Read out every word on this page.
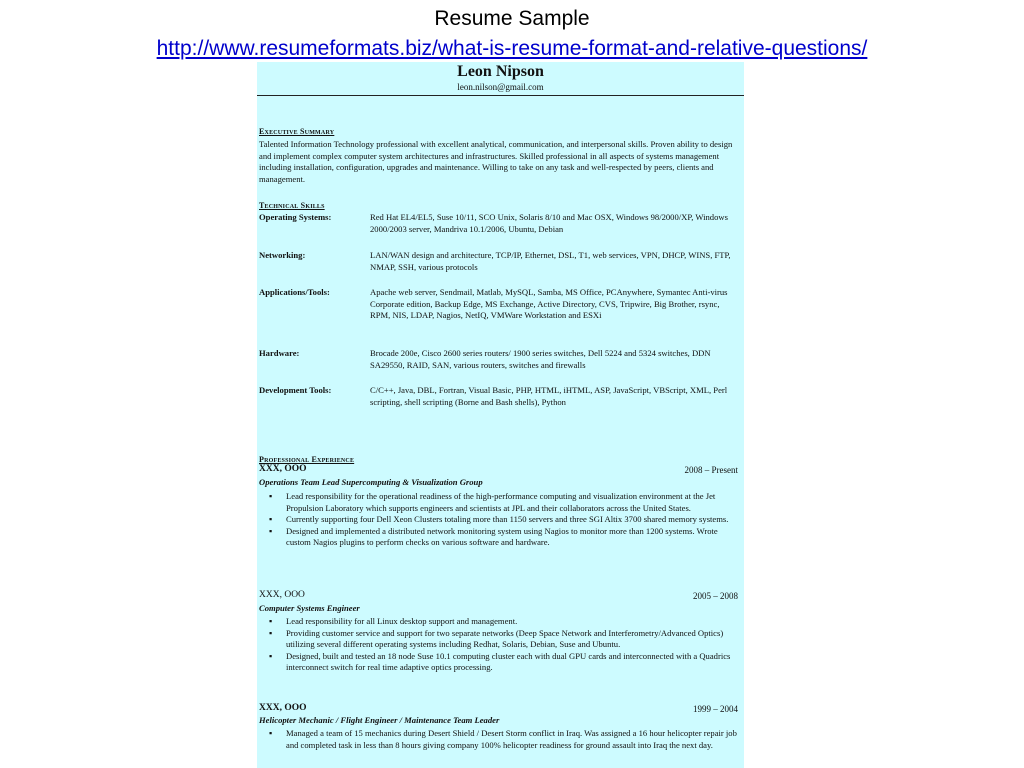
Resume Sample
http://www.resumeformats.biz/what-is-resume-format-and-relative-questions/
Leon Nipson
leon.nilson@gmail.com
Executive Summary
Talented Information Technology professional with excellent analytical, communication, and interpersonal skills. Proven ability to design and implement complex computer system architectures and infrastructures. Skilled professional in all aspects of systems management including installation, configuration, upgrades and maintenance. Willing to take on any task and well-respected by peers, clients and management.
Technical Skills
Operating Systems:	Red Hat EL4/EL5, Suse 10/11, SCO Unix, Solaris 8/10 and Mac OSX, Windows 98/2000/XP, Windows 2000/2003 server, Mandriva 10.1/2006, Ubuntu, Debian
Networking:	LAN/WAN design and architecture, TCP/IP, Ethernet, DSL, T1, web services, VPN, DHCP, WINS, FTP, NMAP, SSH, various protocols
Applications/Tools:	Apache web server, Sendmail, Matlab, MySQL, Samba, MS Office, PCAnywhere, Symantec Anti-virus Corporate edition, Backup Edge, MS Exchange, Active Directory, CVS, Tripwire, Big Brother, rsync, RPM, NIS, LDAP, Nagios, NetIQ, VMWare Workstation and ESXi
Hardware:	Brocade 200e, Cisco 2600 series routers/ 1900 series switches, Dell 5224 and 5324 switches, DDN SA29550, RAID, SAN, various routers, switches and firewalls
Development Tools:	C/C++, Java, DBL, Fortran, Visual Basic, PHP, HTML, iHTML, ASP, JavaScript, VBScript, XML, Perl scripting, shell scripting (Borne and Bash shells), Python
Professional Experience
XXX, OOO	2008 – Present
Operations Team Lead Supercomputing & Visualization Group
▪ Lead responsibility for the operational readiness of the high-performance computing and visualization environment at the Jet Propulsion Laboratory which supports engineers and scientists at JPL and their collaborators across the United States.
▪ Currently supporting four Dell Xeon Clusters totaling more than 1150 servers and three SGI Altix 3700 shared memory systems.
▪ Designed and implemented a distributed network monitoring system using Nagios to monitor more than 1200 systems. Wrote custom Nagios plugins to perform checks on various software and hardware.
XXX, OOO	2005 – 2008
Computer Systems Engineer
▪ Lead responsibility for all Linux desktop support and management.
▪ Providing customer service and support for two separate networks (Deep Space Network and Interferometry/Advanced Optics) utilizing several different operating systems including Redhat, Solaris, Debian, Suse and Ubuntu.
▪ Designed, built and tested an 18 node Suse 10.1 computing cluster each with dual GPU cards and interconnected with a Quadrics interconnect switch for real time adaptive optics processing.
XXX, OOO	1999 – 2004
Helicopter Mechanic / Flight Engineer / Maintenance Team Leader
▪ Managed a team of 15 mechanics during Desert Shield / Desert Storm conflict in Iraq. Was assigned a 16 hour helicopter repair job and completed task in less than 8 hours giving company 100% helicopter readiness for ground assault into Iraq the next day.
